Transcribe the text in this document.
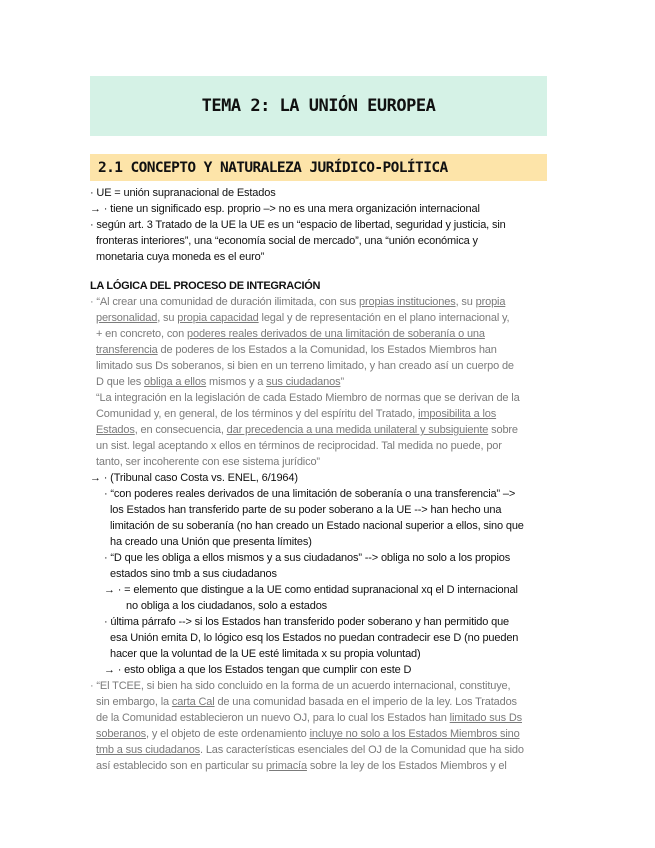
TEMA 2: LA UNIÓN EUROPEA
2.1 CONCEPTO Y NATURALEZA JURÍDICO-POLÍTICA
· UE = unión supranacional de Estados
→ · tiene un significado esp. proprio –> no es una mera organización internacional
· según art. 3 Tratado de la UE la UE es un “espacio de libertad, seguridad y justicia, sin
fronteras interiores”, una “economía social de mercado”, una “unión económica y
monetaria cuya moneda es el euro”
LA LÓGICA DEL PROCESO DE INTEGRACIÓN
· “Al crear una comunidad de duración ilimitada, con sus propias instituciones, su propia
personalidad, su propia capacidad legal y de representación en el plano internacional y,
+ en concreto, con poderes reales derivados de una limitación de soberanía o una
transferencia de poderes de los Estados a la Comunidad, los Estados Miembros han
limitado sus Ds soberanos, si bien en un terreno limitado, y han creado así un cuerpo de
D que les obliga a ellos mismos y a sus ciudadanos”
“La integración en la legislación de cada Estado Miembro de normas que se derivan de la
Comunidad y, en general, de los términos y del espíritu del Tratado, imposibilita a los
Estados, en consecuencia, dar precedencia a una medida unilateral y subsiguiente sobre
un sist. legal aceptando x ellos en términos de reciprocidad. Tal medida no puede, por
tanto, ser incoherente con ese sistema jurídico”
→ · (Tribunal caso Costa vs. ENEL, 6/1964)
· “con poderes reales derivados de una limitación de soberanía o una transferencia” –>
los Estados han transferido parte de su poder soberano a la UE --> han hecho una
limitación de su soberanía (no han creado un Estado nacional superior a ellos, sino que
ha creado una Unión que presenta límites)
· “D que les obliga a ellos mismos y a sus ciudadanos” --> obliga no solo a los propios
estados sino tmb a sus ciudadanos
→ · = elemento que distingue a la UE como entidad supranacional xq el D internacional
no obliga a los ciudadanos, solo a estados
· última párrafo --> si los Estados han transferido poder soberano y han permitido que
esa Unión emita D, lo lógico esq los Estados no puedan contradecir ese D (no pueden
hacer que la voluntad de la UE esté limitada x su propia voluntad)
→ · esto obliga a que los Estados tengan que cumplir con este D
· “El TCEE, si bien ha sido concluido en la forma de un acuerdo internacional, constituye,
sin embargo, la carta Cal de una comunidad basada en el imperio de la ley. Los Tratados
de la Comunidad establecieron un nuevo OJ, para lo cual los Estados han limitado sus Ds
soberanos, y el objeto de este ordenamiento incluye no solo a los Estados Miembros sino
tmb a sus ciudadanos. Las características esenciales del OJ de la Comunidad que ha sido
así establecido son en particular su primacía sobre la ley de los Estados Miembros y el
